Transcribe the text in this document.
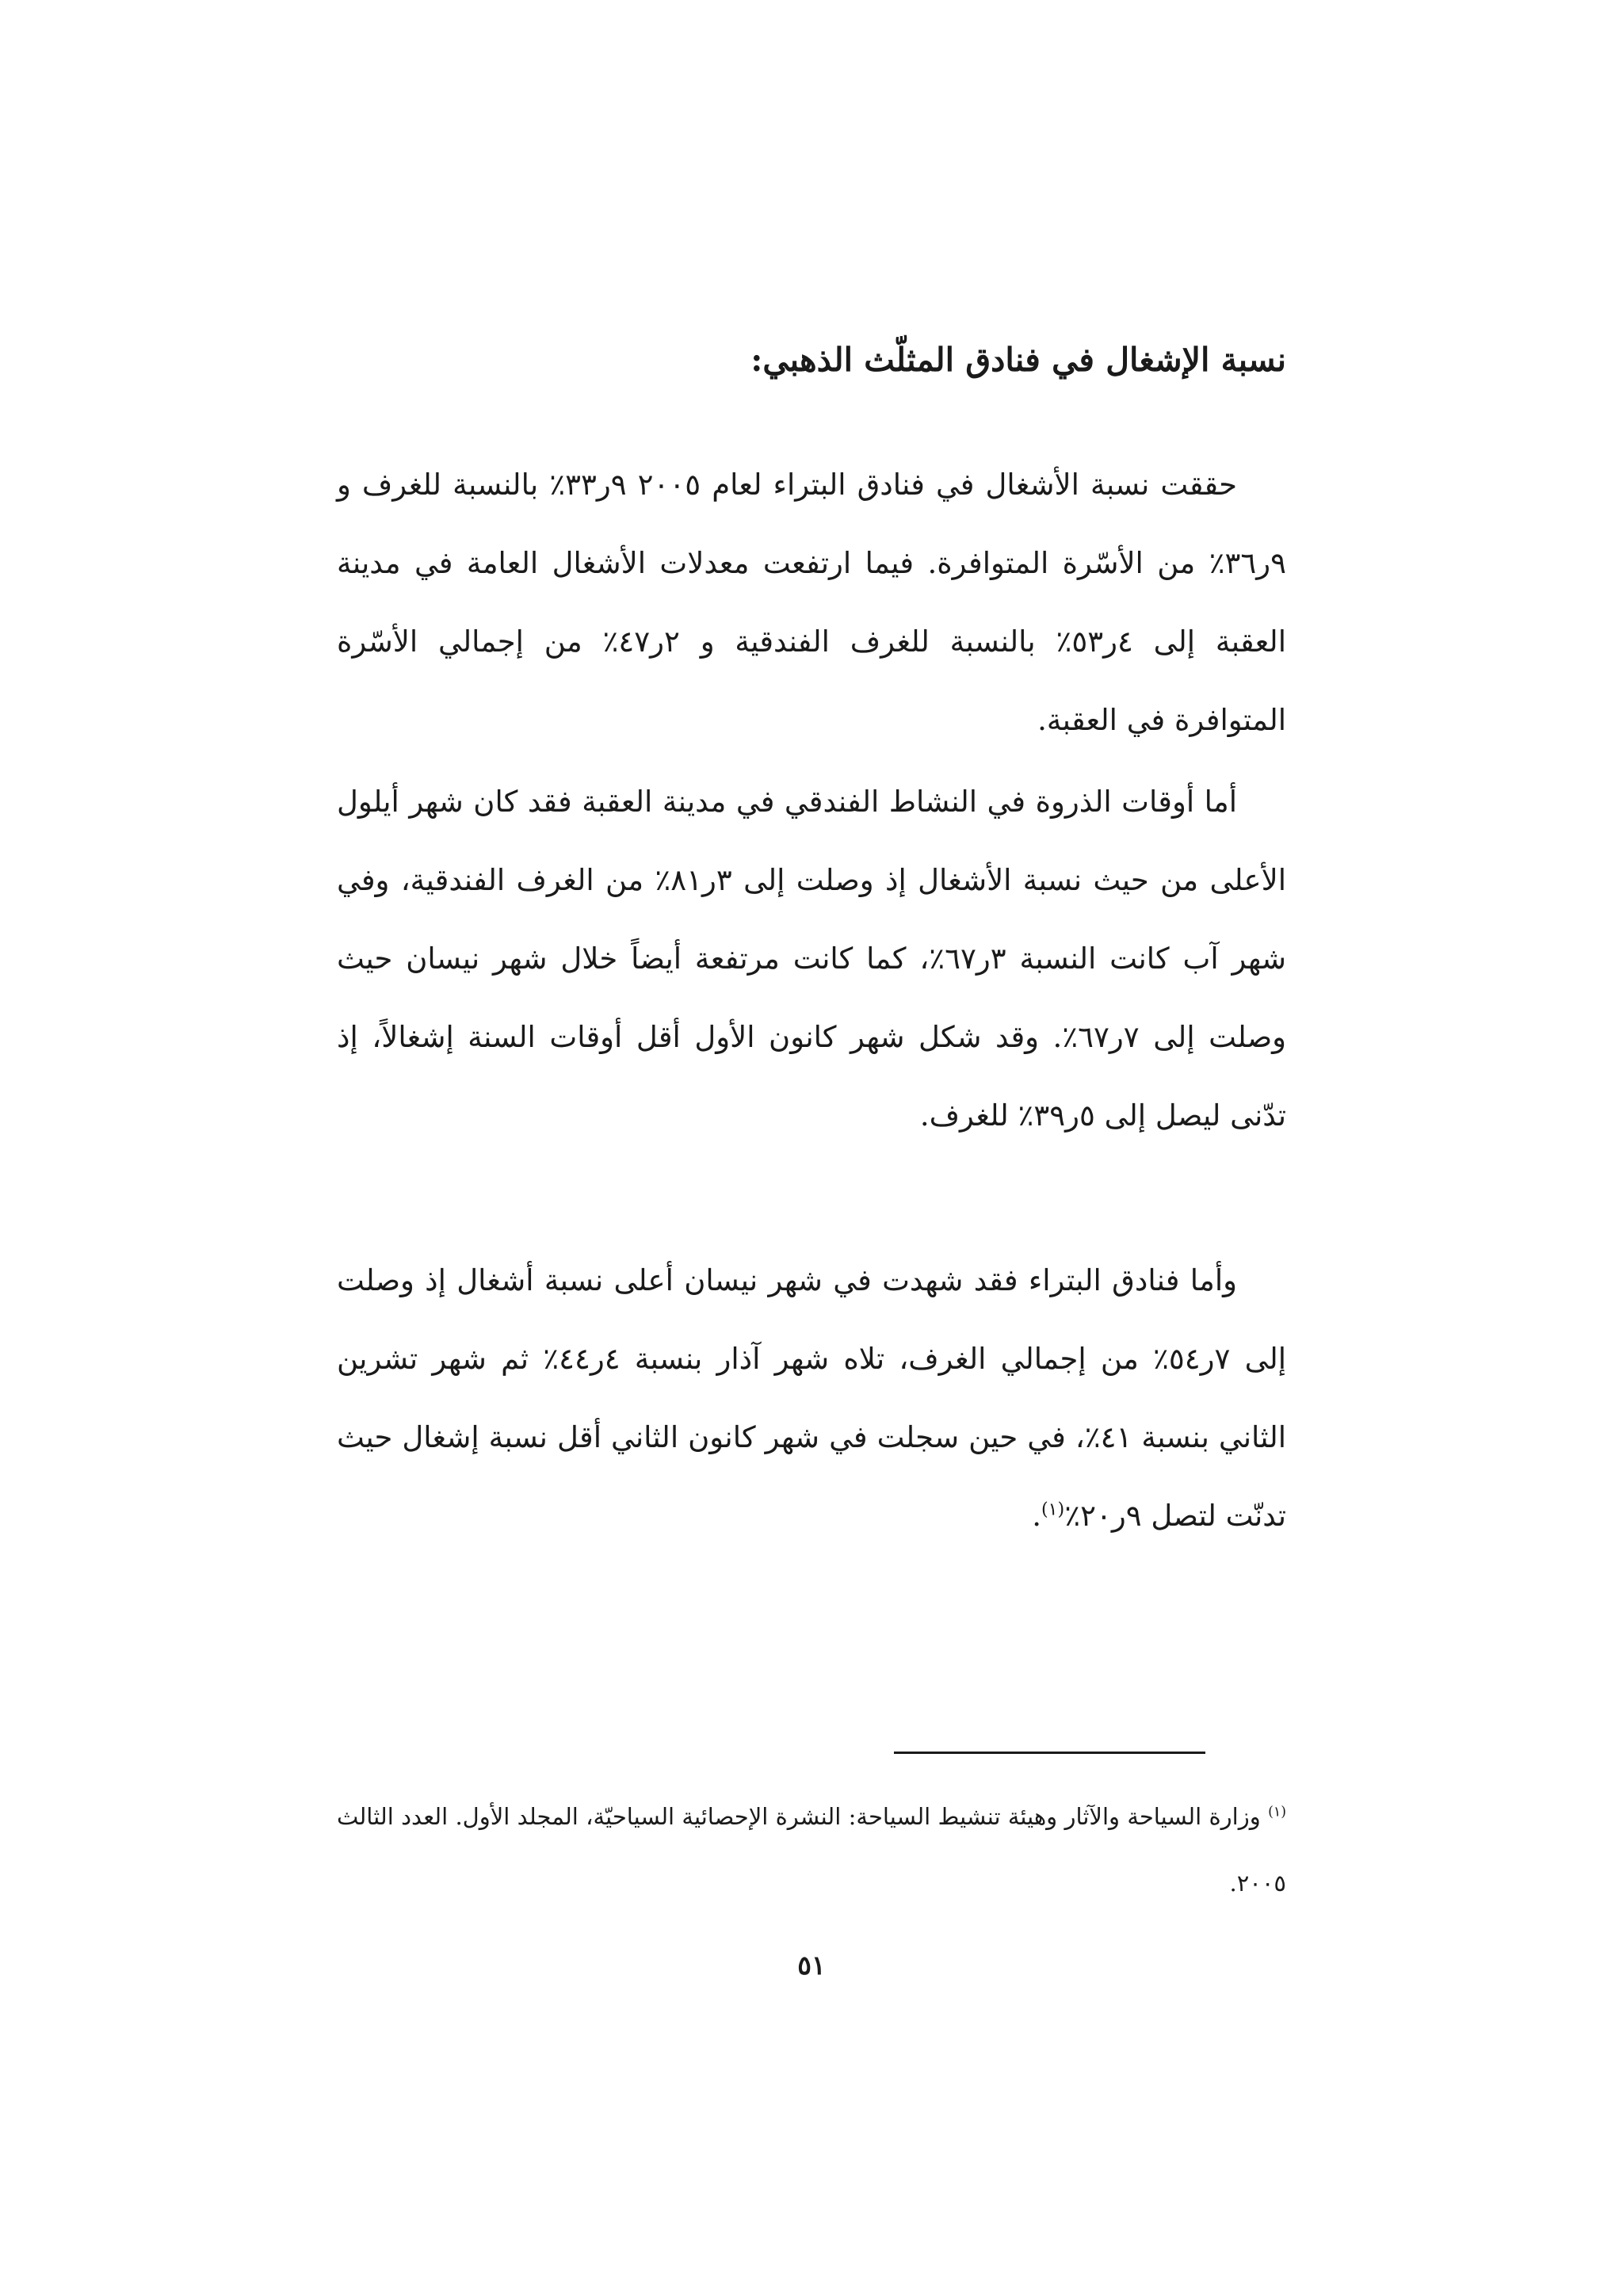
نسبة الإشغال في فنادق المثلّث الذهبي:

حققت نسبة الأشغال في فنادق البتراء لعام ٢٠٠٥ ٩ر٣٣٪ بالنسبة للغرف و ٩ر٣٦٪ من الأسّرة المتوافرة. فيما ارتفعت معدلات الأشغال العامة في مدينة العقبة إلى ٤ر٥٣٪ بالنسبة للغرف الفندقية و ٢ر٤٧٪ من إجمالي الأسّرة المتوافرة في العقبة.

أما أوقات الذروة في النشاط الفندقي في مدينة العقبة فقد كان شهر أيلول الأعلى من حيث نسبة الأشغال إذ وصلت إلى ٣ر٨١٪ من الغرف الفندقية، وفي شهر آب كانت النسبة ٣ر٦٧٪، كما كانت مرتفعة أيضاً خلال شهر نيسان حيث وصلت إلى ٧ر٦٧٪. وقد شكل شهر كانون الأول أقل أوقات السنة إشغالاً، إذ تدّنى ليصل إلى ٥ر٣٩٪ للغرف.

وأما فنادق البتراء فقد شهدت في شهر نيسان أعلى نسبة أشغال إذ وصلت إلى ٧ر٥٤٪ من إجمالي الغرف، تلاه شهر آذار بنسبة ٤ر٤٤٪ ثم شهر تشرين الثاني بنسبة ٤١٪، في حين سجلت في شهر كانون الثاني أقل نسبة إشغال حيث تدنّت لتصل ٩ر٢٠٪$^{(١)}$.

$^{(١)}$ وزارة السياحة والآثار وهيئة تنشيط السياحة: النشرة الإحصائية السياحيّة، المجلد الأول. العدد الثالث ٢٠٠٥.
٥١
